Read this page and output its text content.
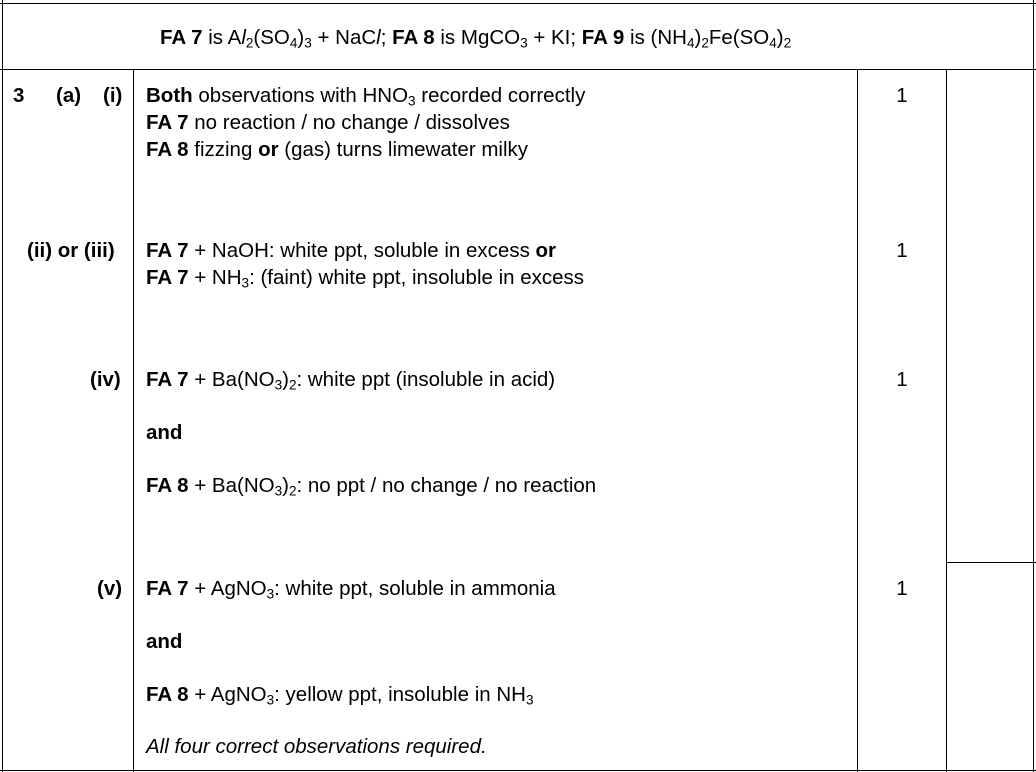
FA 7 is $Al_2(SO_4)_3$ + NaCl; FA 8 is MgCO$_3$ + KI; FA 9 is $(NH_4)_2Fe(SO_4)_2$
3 (a) (i)
(ii) or (iii)
(iv)
(v)
Both observations with $HNO_3$ recorded correctly
FA 7 no reaction / no change / dissolves
FA 8 fizzing or (gas) turns limewater milky
1
FA 7 + NaOH: white ppt, soluble in excess or
FA $7 + NH_3$: (faint) white ppt, insoluble in excess
1
FA $7 + Ba(NO_3)_2$: white ppt (insoluble in acid)
and
FA $8 + Ba(NO_3)_2$: no ppt / no change / no reaction
1
FA 7 + AgNO$_3$: white ppt, soluble in ammonia
and
FA 8 + AgNO$_3$: yellow ppt, insoluble in $NH_3$
All four correct observations required.
1
